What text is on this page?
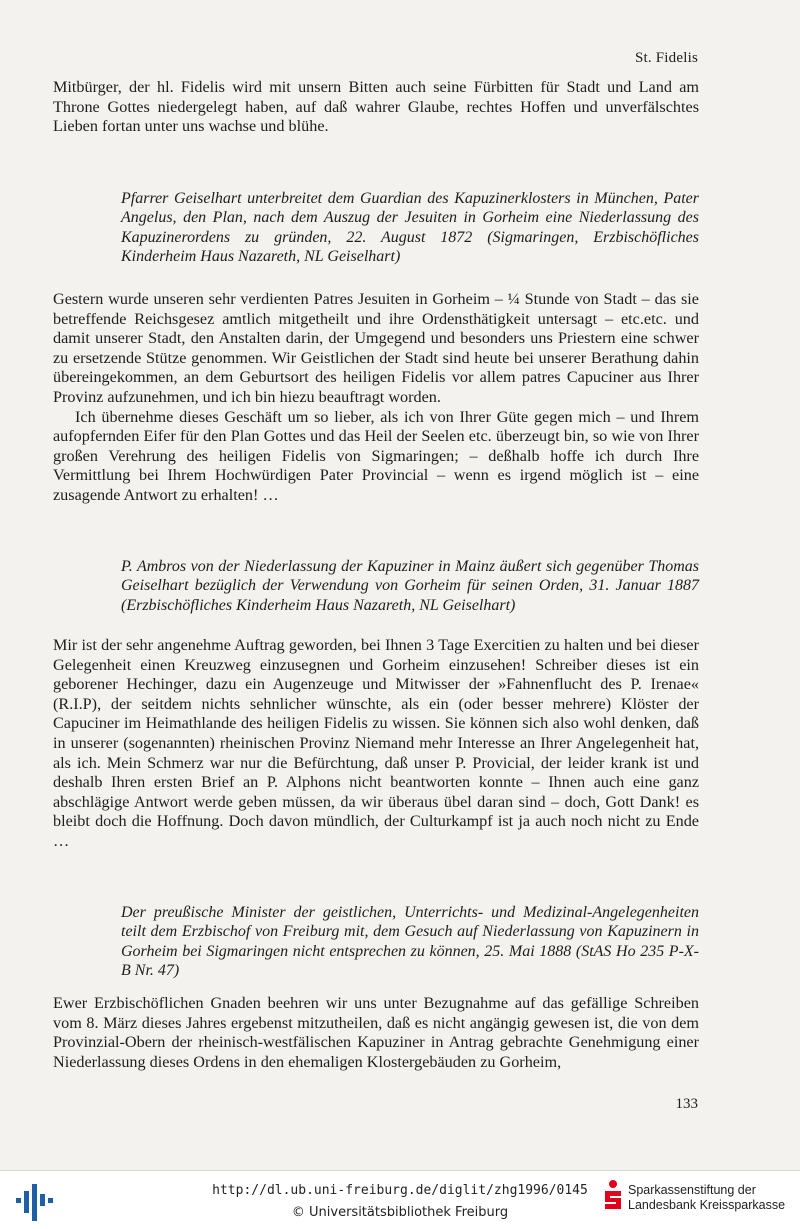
St. Fidelis

Mitbürger, der hl. Fidelis wird mit unsern Bitten auch seine Fürbitten für Stadt und Land am Throne Gottes niedergelegt haben, auf daß wahrer Glaube, rechtes Hoffen und unverfälschtes Lieben fortan unter uns wachse und blühe.

Pfarrer Geiselhart unterbreitet dem Guardian des Kapuzinerklosters in München, Pater Angelus, den Plan, nach dem Auszug der Jesuiten in Gorheim eine Niederlassung des Kapuzinerordens zu gründen, 22. August 1872 (Sigmaringen, Erzbischöfliches Kinderheim Haus Nazareth, NL Geiselhart)

Gestern wurde unseren sehr verdienten Patres Jesuiten in Gorheim – ¼ Stunde von Stadt – das sie betreffende Reichsgesez amtlich mitgetheilt und ihre Ordensthätigkeit untersagt – etc.etc. und damit unserer Stadt, den Anstalten darin, der Umgegend und besonders uns Priestern eine schwer zu ersetzende Stütze genommen. Wir Geistlichen der Stadt sind heute bei unserer Berathung dahin übereingekommen, an dem Geburtsort des heiligen Fidelis vor allem patres Capuciner aus Ihrer Provinz aufzunehmen, und ich bin hiezu beauftragt worden.

Ich übernehme dieses Geschäft um so lieber, als ich von Ihrer Güte gegen mich – und Ihrem aufopfernden Eifer für den Plan Gottes und das Heil der Seelen etc. überzeugt bin, so wie von Ihrer großen Verehrung des heiligen Fidelis von Sigmaringen; – deßhalb hoffe ich durch Ihre Vermittlung bei Ihrem Hochwürdigen Pater Provincial – wenn es irgend möglich ist – eine zusagende Antwort zu erhalten! …

P. Ambros von der Niederlassung der Kapuziner in Mainz äußert sich gegenüber Thomas Geiselhart bezüglich der Verwendung von Gorheim für seinen Orden, 31. Januar 1887 (Erzbischöfliches Kinderheim Haus Nazareth, NL Geiselhart)

Mir ist der sehr angenehme Auftrag geworden, bei Ihnen 3 Tage Exercitien zu halten und bei dieser Gelegenheit einen Kreuzweg einzusegnen und Gorheim einzusehen! Schreiber dieses ist ein geborener Hechinger, dazu ein Augenzeuge und Mitwisser der »Fahnenflucht des P. Irenae« (R.I.P), der seitdem nichts sehnlicher wünschte, als ein (oder besser mehrere) Klöster der Capuciner im Heimathlande des heiligen Fidelis zu wissen. Sie können sich also wohl denken, daß in unserer (sogenannten) rheinischen Provinz Niemand mehr Interesse an Ihrer Angelegenheit hat, als ich. Mein Schmerz war nur die Befürchtung, daß unser P. Provicial, der leider krank ist und deshalb Ihren ersten Brief an P. Alphons nicht beantworten konnte – Ihnen auch eine ganz abschlägige Antwort werde geben müssen, da wir überaus übel daran sind – doch, Gott Dank! es bleibt doch die Hoffnung. Doch davon mündlich, der Culturkampf ist ja auch noch nicht zu Ende …

Der preußische Minister der geistlichen, Unterrichts- und Medizinal-Angelegenheiten teilt dem Erzbischof von Freiburg mit, dem Gesuch auf Niederlassung von Kapuzinern in Gorheim bei Sigmaringen nicht entsprechen zu können, 25. Mai 1888 (StAS Ho 235 P-X-B Nr. 47)

Ewer Erzbischöflichen Gnaden beehren wir uns unter Bezugnahme auf das gefällige Schreiben vom 8. März dieses Jahres ergebenst mitzutheilen, daß es nicht angängig gewesen ist, die von dem Provinzial-Obern der rheinisch-westfälischen Kapuziner in Antrag gebrachte Genehmigung einer Niederlassung dieses Ordens in den ehemaligen Klostergebäuden zu Gorheim,

133
http://dl.ub.uni-freiburg.de/diglit/zhg1996/0145
© Universitätsbibliothek Freiburg
Sparkassenstiftung der
Landesbank Kreissparkasse
